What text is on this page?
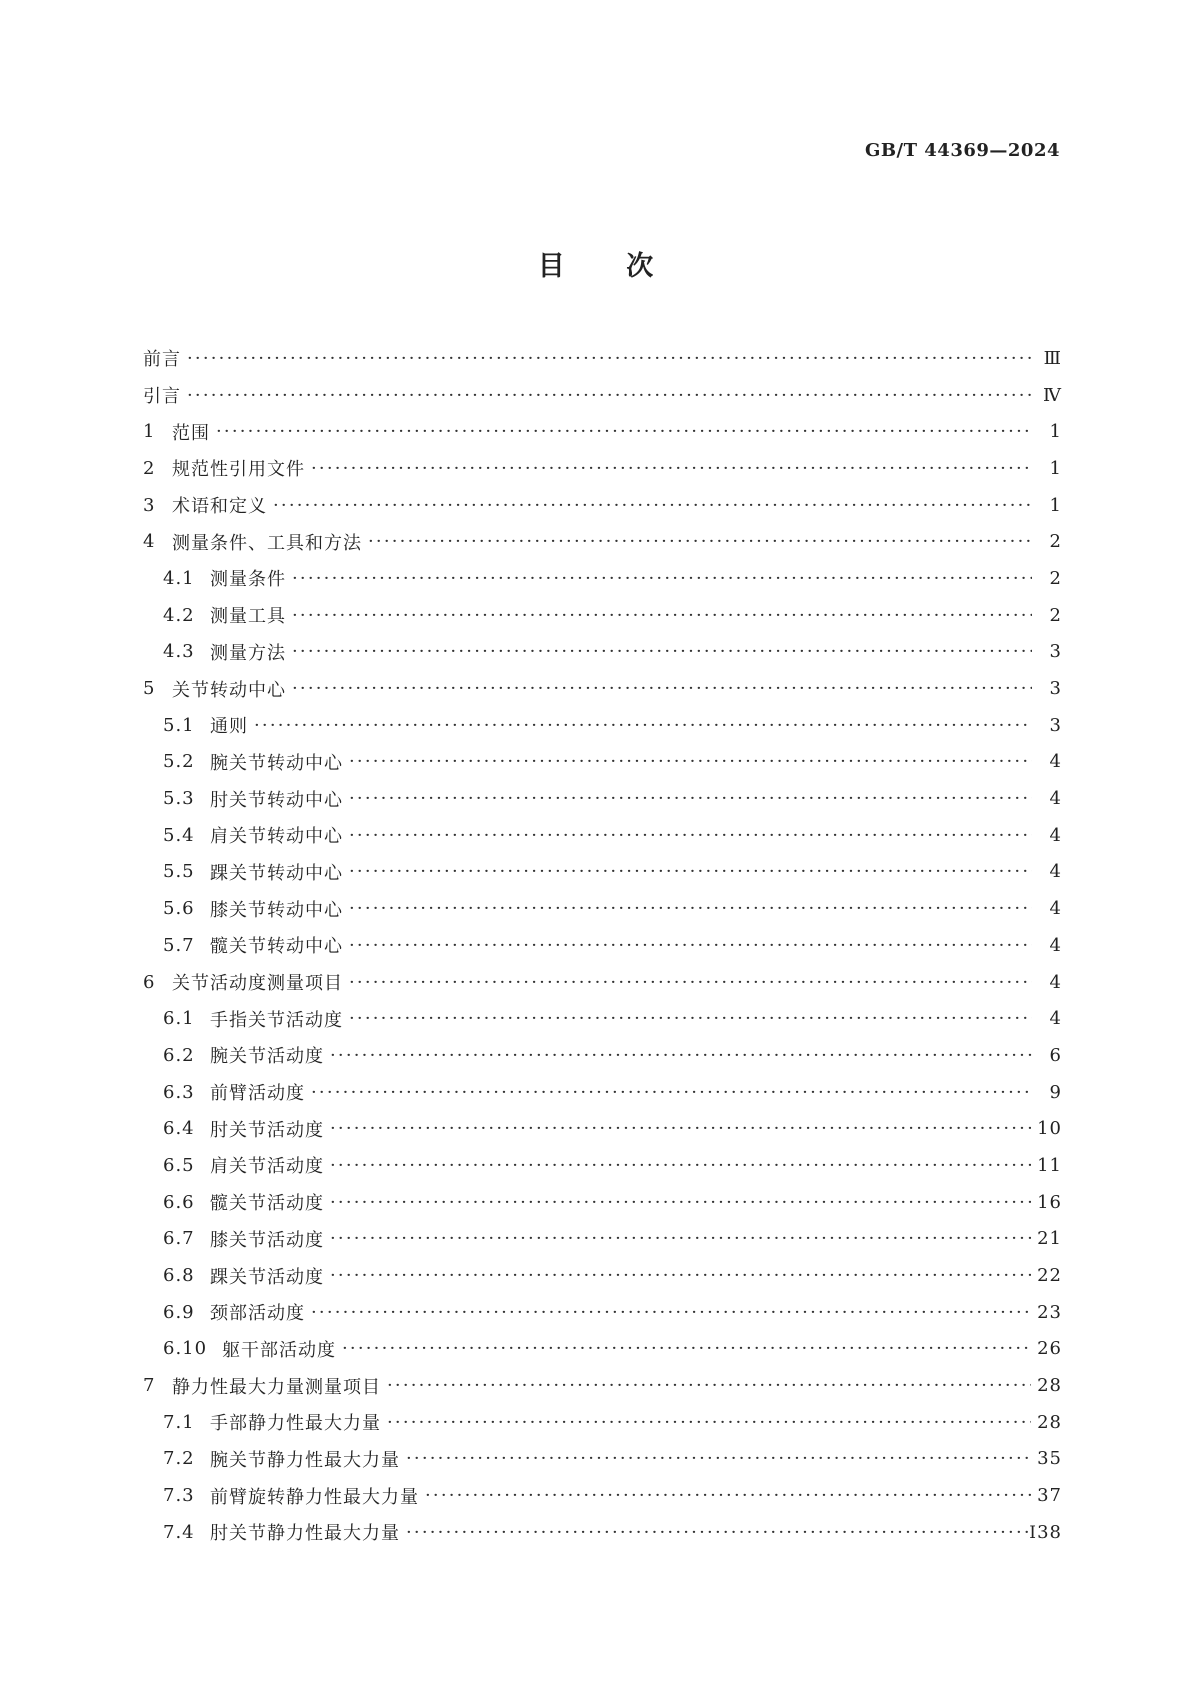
GB/T 44369—2024
目 次
前言 ·····	Ⅲ
引言 ·····	Ⅳ
1 范围 ·····	1
2 规范性引用文件 ·····	1
3 术语和定义 ·····	1
4 测量条件、工具和方法 ·····	2
4.1 测量条件 ·····	2
4.2 测量工具 ·····	2
4.3 测量方法 ·····	3
5 关节转动中心 ·····	3
5.1 通则 ·····	3
5.2 腕关节转动中心 ·····	4
5.3 肘关节转动中心 ·····	4
5.4 肩关节转动中心 ·····	4
5.5 踝关节转动中心 ·····	4
5.6 膝关节转动中心 ·····	4
5.7 髋关节转动中心 ·····	4
6 关节活动度测量项目 ·····	4
6.1 手指关节活动度 ·····	4
6.2 腕关节活动度 ·····	6
6.3 前臂活动度 ·····	9
6.4 肘关节活动度 ·····	10
6.5 肩关节活动度 ·····	11
6.6 髋关节活动度 ·····	16
6.7 膝关节活动度 ·····	21
6.8 踝关节活动度 ·····	22
6.9 颈部活动度 ·····	23
6.10 躯干部活动度 ·····	26
7 静力性最大力量测量项目 ·····	28
7.1 手部静力性最大力量 ·····	28
7.2 腕关节静力性最大力量 ·····	35
7.3 前臂旋转静力性最大力量 ·····	37
7.4 肘关节静力性最大力量 ·····	38
Ⅰ
